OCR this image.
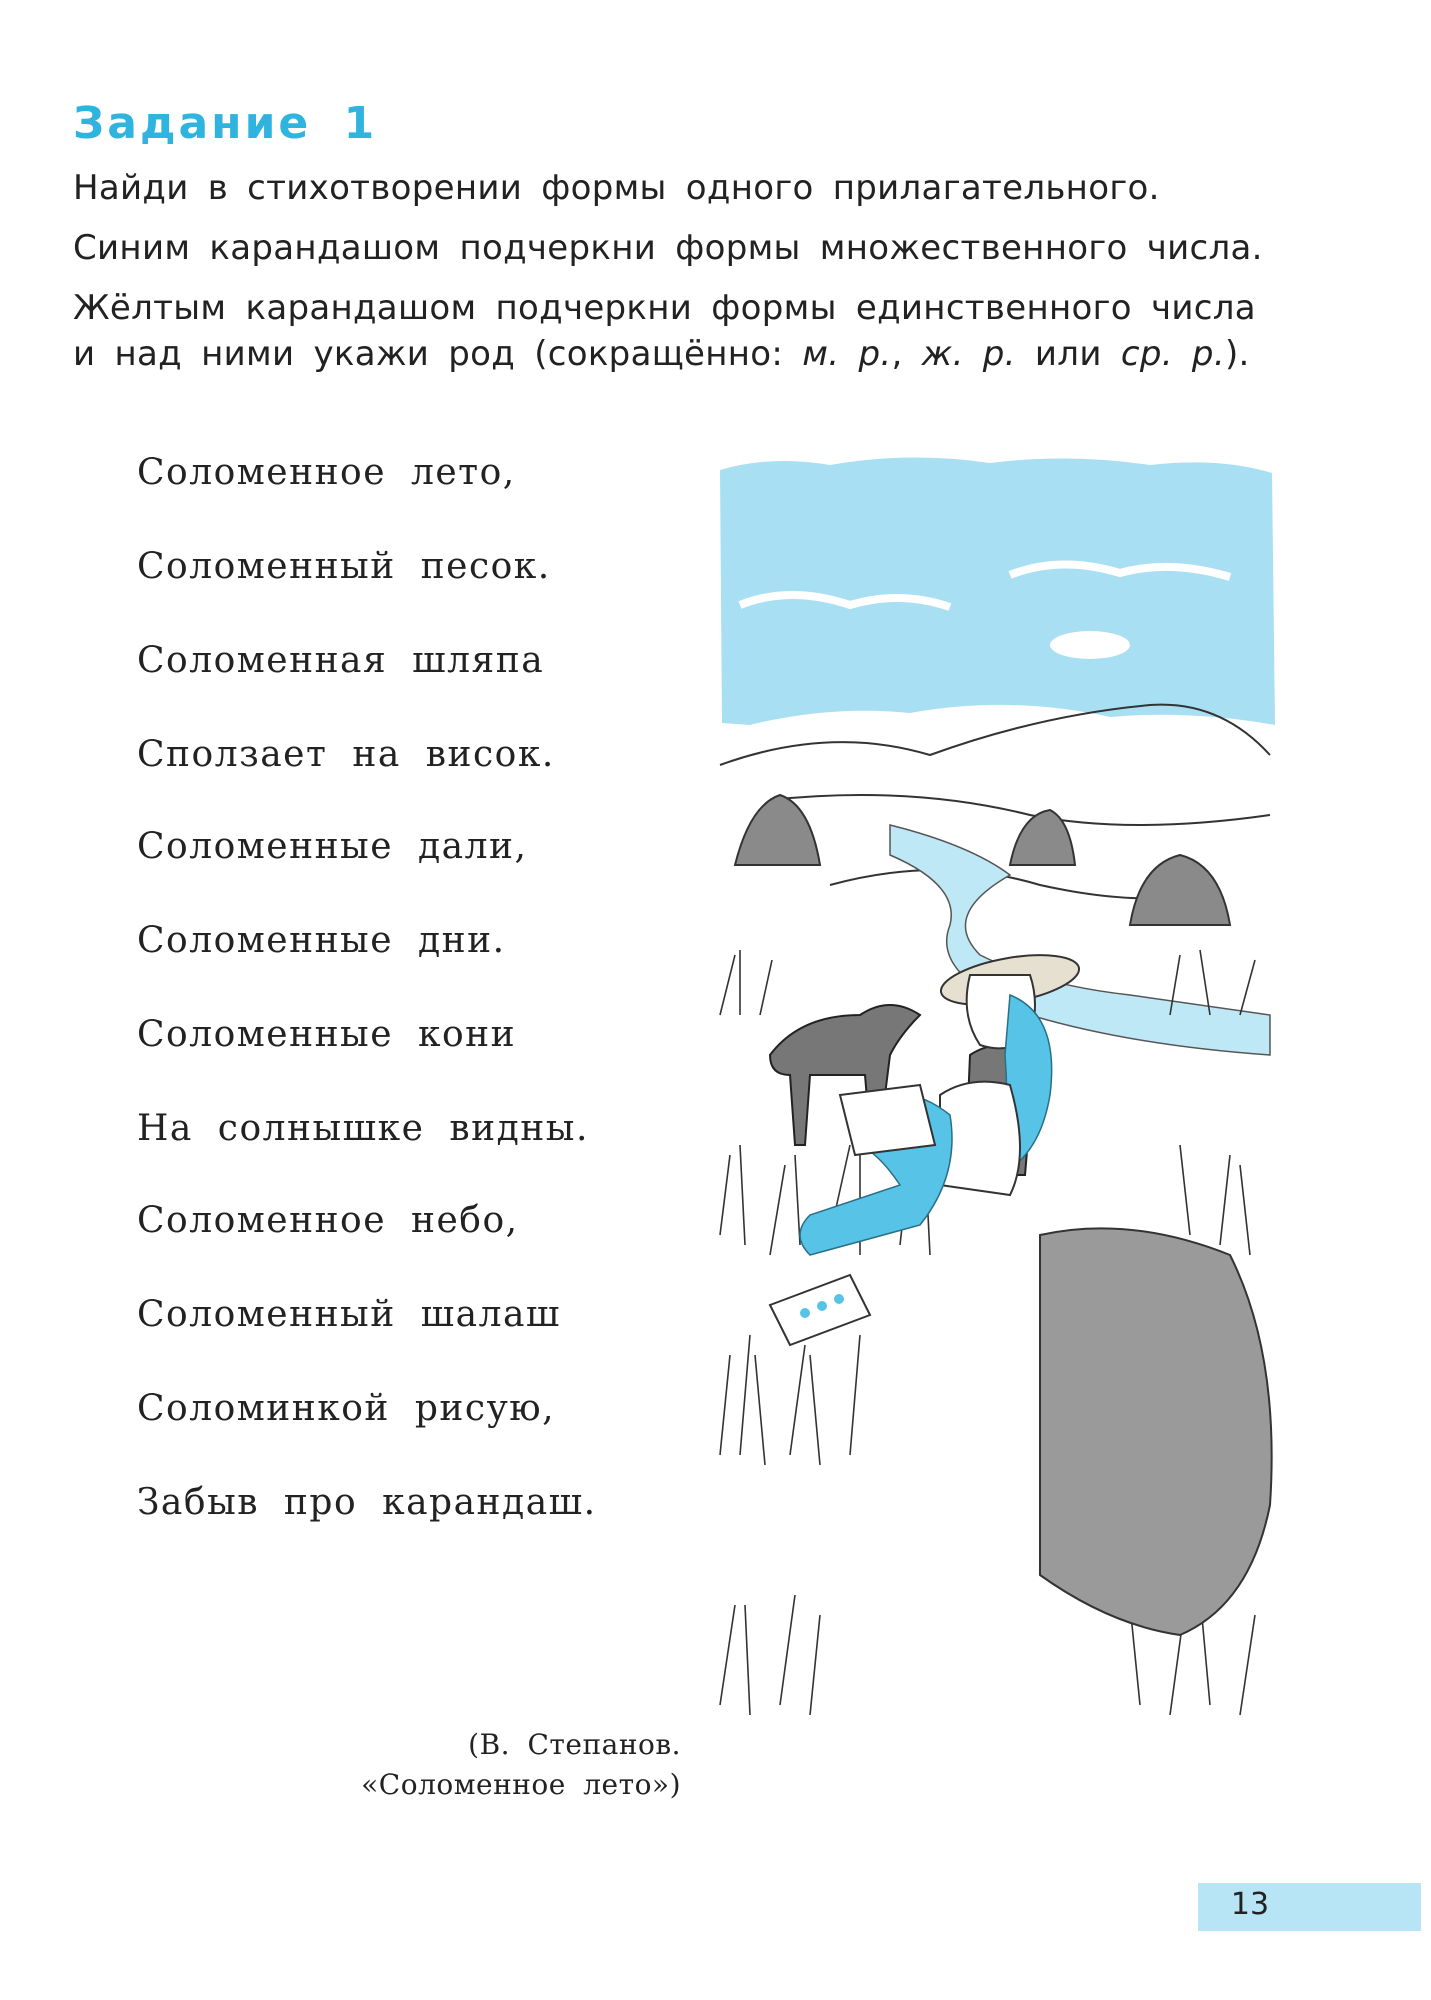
Задание 1
Найди в стихотворении формы одного прилагательного.
Синим карандашом подчеркни формы множественного числа.
Жёлтым карандашом подчеркни формы единственного числа
и над ними укажи род (сокращённо: м. р., ж. р. или ср. р.).
Соломенное лето,
Соломенный песок.
Соломенная шляпа
Сползает на висок.
Соломенные дали,
Соломенные дни.
Соломенные кони
На солнышке видны.
Соломенное небо,
Соломенный шалаш
Соломинкой рисую,
Забыв про карандаш.
(В. Степанов.
«Соломенное лето»)
13
